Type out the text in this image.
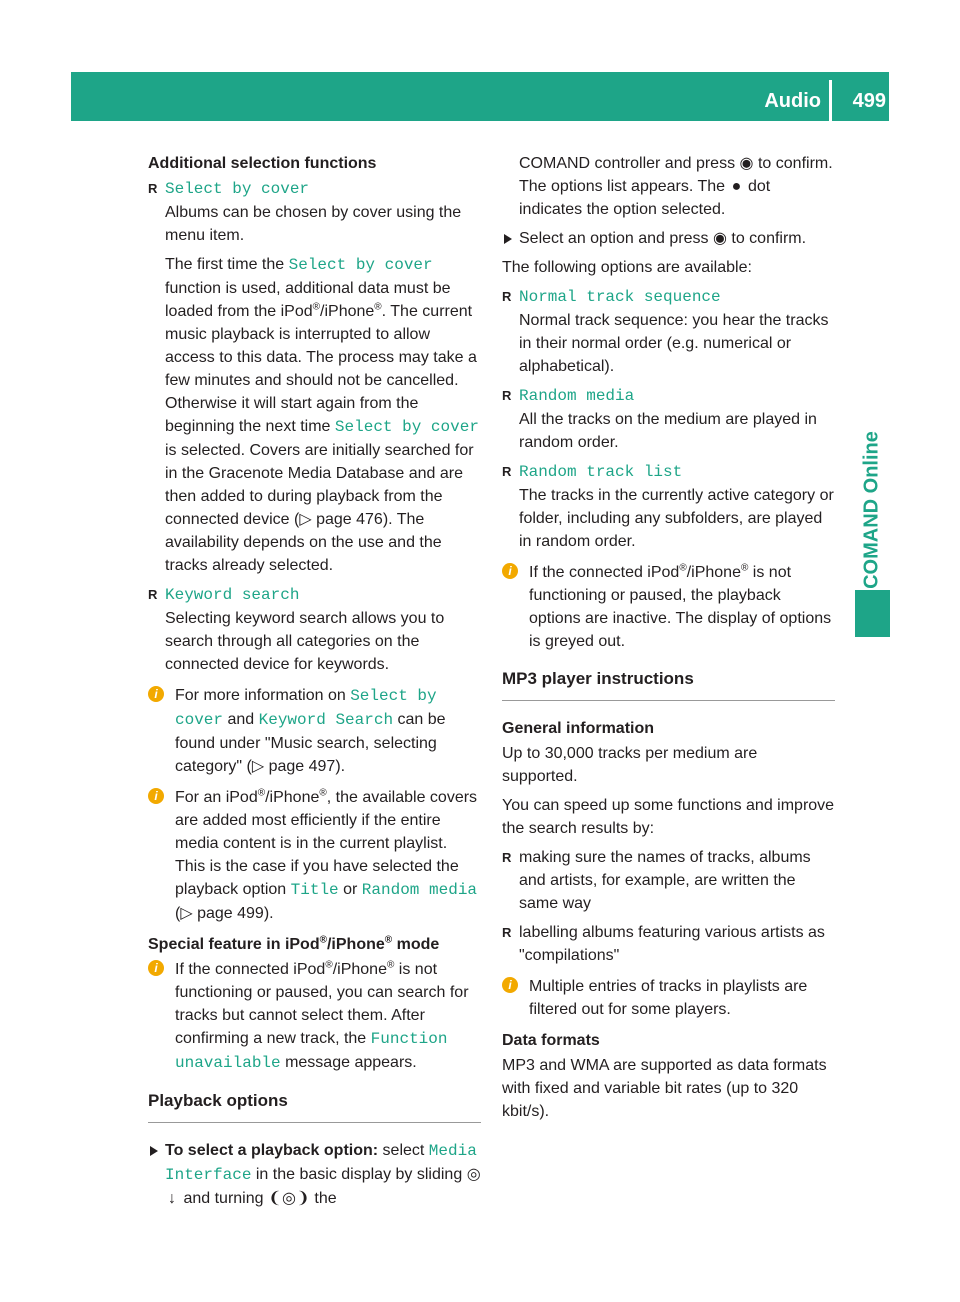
Audio 499
COMAND Online

Additional selection functions

R Select by cover

Albums can be chosen by cover using the menu item.

The first time the Select by cover function is used, additional data must be loaded from the iPod®/iPhone®. The current music playback is interrupted to allow access to this data. The process may take a few minutes and should not be cancelled. Otherwise it will start again from the beginning the next time Select by cover is selected. Covers are initially searched for in the Gracenote Media Database and are then added to during playback from the connected device (▷ page 476). The availability depends on the use and the tracks already selected.

R Keyword search

Selecting keyword search allows you to search through all categories on the connected device for keywords.

i	For more information on Select by cover and Keyword Search can be found under "Music search, selecting category" (▷ page 497).

i	For an iPod®/iPhone®, the available covers are added most efficiently if the entire media content is in the current playlist. This is the case if you have selected the playback option Title or Random media (▷ page 499).

Special feature in iPod®/iPhone® mode

i	If the connected iPod®/iPhone® is not functioning or paused, you can search for tracks but cannot select them. After confirming a new track, the Function unavailable message appears.

Playback options

To select a playback option: select Media Interface in the basic display by sliding ◎↓ and turning ❨◎❩ the

COMAND controller and press ◉ to confirm.

The options list appears. The ● dot indicates the option selected.

Select an option and press ◉ to confirm.

The following options are available:

R Normal track sequence

Normal track sequence: you hear the tracks in their normal order (e.g. numerical or alphabetical).

R Random media

All the tracks on the medium are played in random order.

R Random track list

The tracks in the currently active category or folder, including any subfolders, are played in random order.

i	If the connected iPod®/iPhone® is not functioning or paused, the playback options are inactive. The display of options is greyed out.

MP3 player instructions

General information

Up to 30,000 tracks per medium are supported.

You can speed up some functions and improve the search results by:

R making sure the names of tracks, albums and artists, for example, are written the same way

R labelling albums featuring various artists as "compilations"

i	Multiple entries of tracks in playlists are filtered out for some players.

Data formats

MP3 and WMA are supported as data formats with fixed and variable bit rates (up to 320 kbit/s).
